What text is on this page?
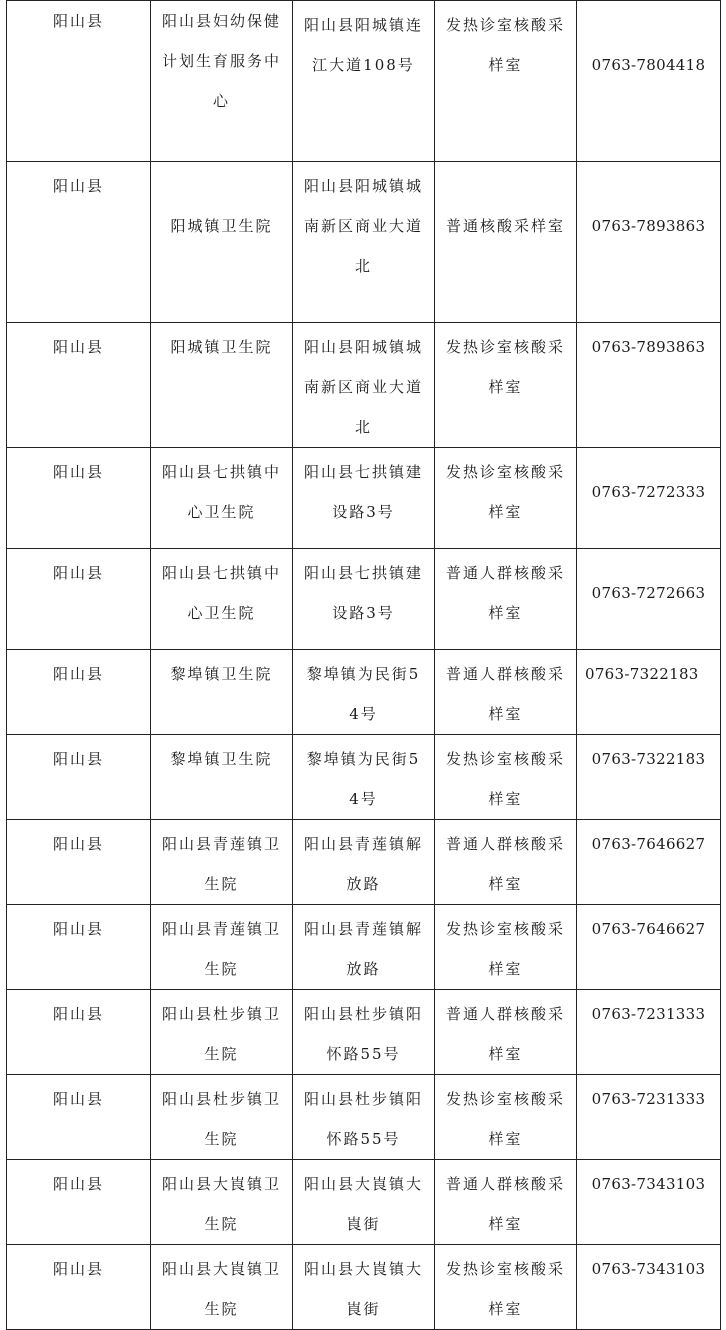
阳山县	阳山县妇幼保健计划生育服务中心	阳山县阳城镇连江大道108号	发热诊室核酸采样室	0763-7804418
阳山县	阳城镇卫生院	阳山县阳城镇城南新区商业大道北	普通核酸采样室	0763-7893863
阳山县	阳城镇卫生院	阳山县阳城镇城南新区商业大道北	发热诊室核酸采样室	0763-7893863
阳山县	阳山县七拱镇中心卫生院	阳山县七拱镇建设路3号	发热诊室核酸采样室	0763-7272333
阳山县	阳山县七拱镇中心卫生院	阳山县七拱镇建设路3号	普通人群核酸采样室	0763-7272663
阳山县	黎埠镇卫生院	黎埠镇为民街54号	普通人群核酸采样室	0763-7322183
阳山县	黎埠镇卫生院	黎埠镇为民街54号	发热诊室核酸采样室	0763-7322183
阳山县	阳山县青莲镇卫生院	阳山县青莲镇解放路	普通人群核酸采样室	0763-7646627
阳山县	阳山县青莲镇卫生院	阳山县青莲镇解放路	发热诊室核酸采样室	0763-7646627
阳山县	阳山县杜步镇卫生院	阳山县杜步镇阳怀路55号	普通人群核酸采样室	0763-7231333
阳山县	阳山县杜步镇卫生院	阳山县杜步镇阳怀路55号	发热诊室核酸采样室	0763-7231333
阳山县	阳山县大崀镇卫生院	阳山县大崀镇大崀街	普通人群核酸采样室	0763-7343103
阳山县	阳山县大崀镇卫生院	阳山县大崀镇大崀街	发热诊室核酸采样室	0763-7343103
